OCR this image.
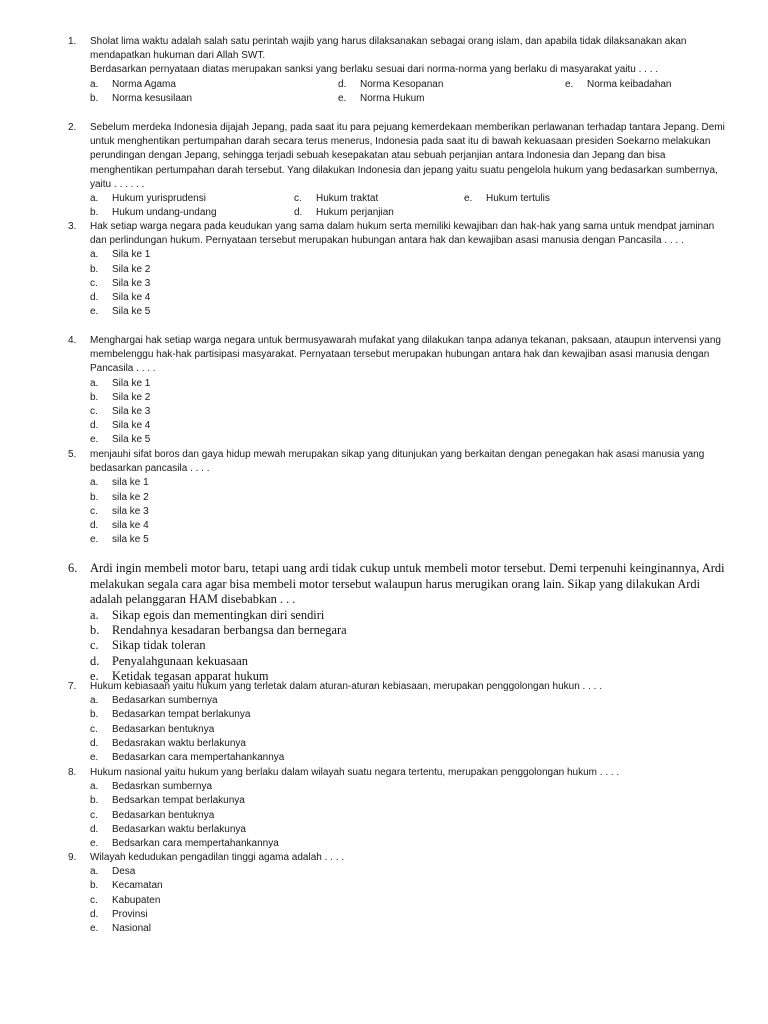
1.	Sholat lima waktu adalah salah satu perintah wajib yang harus dilaksanakan sebagai orang islam, dan apabila tidak dilaksanakan akan mendapatkan hukuman dari Allah SWT.
Berdasarkan pernyataan diatas merupakan sanksi yang berlaku sesuai dari norma-norma yang berlaku di masyarakat yaitu . . . .
a.	Norma Agama	d.	Norma Kesopanan	e.	Norma keibadahan
b.	Norma kesusilaan	e.	Norma Hukum
2.	Sebelum merdeka Indonesia dijajah Jepang, pada saat itu para pejuang kemerdekaan memberikan perlawanan terhadap tantara Jepang. Demi untuk menghentikan pertumpahan darah secara terus menerus, Indonesia pada saat itu di bawah kekuasaan presiden Soekarno melakukan perundingan dengan Jepang, sehingga terjadi sebuah kesepakatan atau sebuah perjanjian antara Indonesia dan Jepang dan bisa menghentikan pertumpahan darah tersebut. Yang dilakukan Indonesia dan jepang yaitu suatu pengelola hukum yang bedasarkan sumbernya, yaitu . . . . . .
a.	Hukum yurisprudensi	c.	Hukum traktat	e.	Hukum tertulis
b.	Hukum undang-undang	d.	Hukum perjanjian
3.	Hak setiap warga negara pada keudukan yang sama dalam hukum serta memiliki kewajiban dan hak-hak yang sama untuk mendpat jaminan dan perlindungan hukum. Pernyataan tersebut merupakan hubungan antara hak dan kewajiban asasi manusia dengan Pancasila . . . .
a.	Sila ke 1
b.	Sila ke 2
c.	Sila ke 3
d.	Sila ke 4
e.	Sila ke 5
4.	Menghargai hak setiap warga negara untuk bermusyawarah mufakat yang dilakukan tanpa adanya tekanan, paksaan, ataupun intervensi yang membelenggu hak-hak partisipasi masyarakat. Pernyataan tersebut merupakan hubungan antara hak dan kewajiban asasi manusia dengan Pancasila . . . .
a.	Sila ke 1
b.	Sila ke 2
c.	Sila ke 3
d.	Sila ke 4
e.	Sila ke 5
5.	menjauhi sifat boros dan gaya hidup mewah merupakan sikap yang ditunjukan yang berkaitan dengan penegakan hak asasi manusia yang bedasarkan pancasila . . . .
a.	sila ke 1
b.	sila ke 2
c.	sila ke 3
d.	sila ke 4
e.	sila ke 5
6.	Ardi ingin membeli motor baru, tetapi uang ardi tidak cukup untuk membeli motor tersebut. Demi terpenuhi keinginannya, Ardi melakukan segala cara agar bisa membeli motor tersebut walaupun harus merugikan orang lain. Sikap yang dilakukan Ardi adalah pelanggaran HAM disebabkan . . .
a.	Sikap egois dan mementingkan diri sendiri
b.	Rendahnya kesadaran berbangsa dan bernegara
c.	Sikap tidak toleran
d.	Penyalahgunaan kekuasaan
e.	Ketidak tegasan apparat hukum
7.	Hukum kebiasaan yaitu hukum yang terletak dalam aturan-aturan kebiasaan, merupakan penggolongan hukun . . . .
a.	Bedasarkan sumbernya
b.	Bedasarkan tempat berlakunya
c.	Bedasarkan bentuknya
d.	Bedasrakan waktu berlakunya
e.	Bedasarkan cara mempertahankannya
8.	Hukum nasional yaitu hukum yang berlaku dalam wilayah suatu negara tertentu, merupakan penggolongan hukum . . . .
a.	Bedasrkan sumbernya
b.	Bedsarkan tempat berlakunya
c.	Bedasarkan bentuknya
d.	Bedasarkan waktu berlakunya
e.	Bedsarkan cara mempertahankannya
9.	Wilayah kedudukan pengadilan tinggi agama adalah . . . .
a.	Desa
b.	Kecamatan
c.	Kabupaten
d.	Provinsi
e.	Nasional
